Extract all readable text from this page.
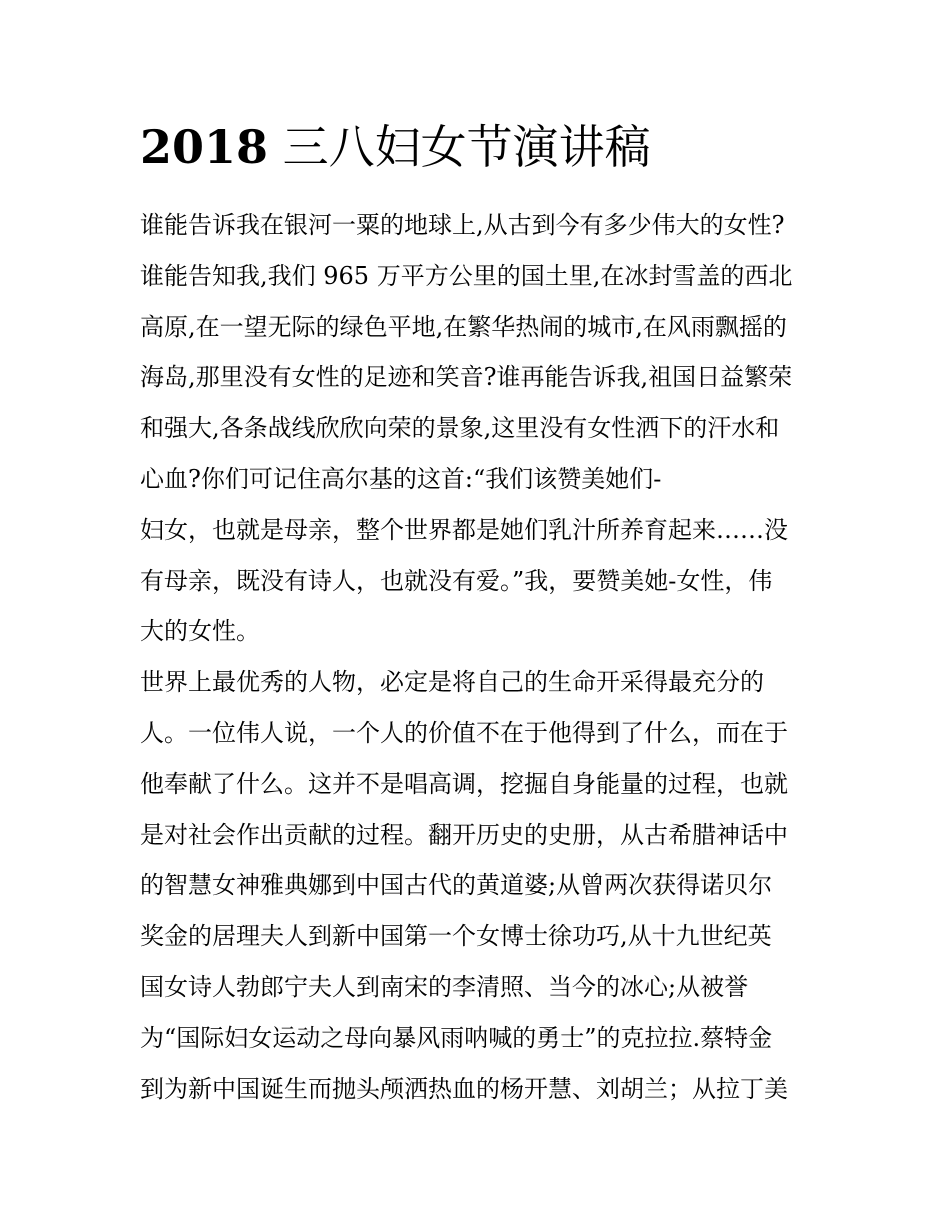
2018 三八妇女节演讲稿
谁能告诉我在银河一粟的地球上,从古到今有多少伟大的女性?
谁能告知我,我们 965 万平方公里的国土里,在冰封雪盖的西北
高原,在一望无际的绿色平地,在繁华热闹的城市,在风雨飘摇的
海岛,那里没有女性的足迹和笑音?谁再能告诉我,祖国日益繁荣
和强大,各条战线欣欣向荣的景象,这里没有女性洒下的汗水和
心血?你们可记住高尔基的这首:“我们该赞美她们-
妇女，也就是母亲，整个世界都是她们乳汁所养育起来……没
有母亲，既没有诗人，也就没有爱。”我，要赞美她-女性，伟
大的女性。
世界上最优秀的人物，必定是将自己的生命开采得最充分的
人。一位伟人说，一个人的价值不在于他得到了什么，而在于
他奉献了什么。这并不是唱高调，挖掘自身能量的过程，也就
是对社会作出贡献的过程。翻开历史的史册，从古希腊神话中
的智慧女神雅典娜到中国古代的黄道婆;从曾两次获得诺贝尔
奖金的居理夫人到新中国第一个女博士徐功巧,从十九世纪英
国女诗人勃郎宁夫人到南宋的李清照、当今的冰心;从被誉
为“国际妇女运动之母向暴风雨呐喊的勇士”的克拉拉.蔡特金
到为新中国诞生而抛头颅洒热血的杨开慧、刘胡兰；从拉丁美
